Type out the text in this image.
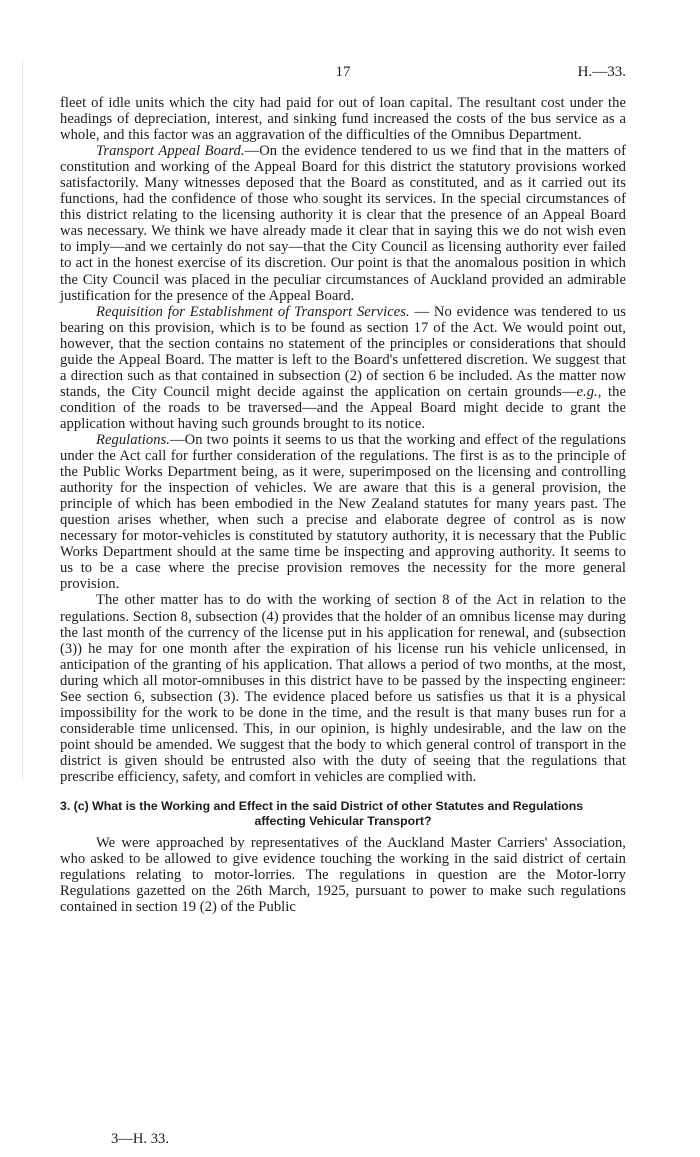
17	H.—33.

fleet of idle units which the city had paid for out of loan capital. The resultant cost under the headings of depreciation, interest, and sinking fund increased the costs of the bus service as a whole, and this factor was an aggravation of the difficulties of the Omnibus Department.

Transport Appeal Board.—On the evidence tendered to us we find that in the matters of constitution and working of the Appeal Board for this district the statutory provisions worked satisfactorily. Many witnesses deposed that the Board as constituted, and as it carried out its functions, had the confidence of those who sought its services. In the special circumstances of this district relating to the licensing authority it is clear that the presence of an Appeal Board was necessary. We think we have already made it clear that in saying this we do not wish even to imply—and we certainly do not say—that the City Council as licensing authority ever failed to act in the honest exercise of its discretion. Our point is that the anomalous position in which the City Council was placed in the peculiar circumstances of Auckland provided an admirable justification for the presence of the Appeal Board.

Requisition for Establishment of Transport Services. — No evidence was tendered to us bearing on this provision, which is to be found as section 17 of the Act. We would point out, however, that the section contains no statement of the principles or considerations that should guide the Appeal Board. The matter is left to the Board's unfettered discretion. We suggest that a direction such as that contained in subsection (2) of section 6 be included. As the matter now stands, the City Council might decide against the application on certain grounds—e.g., the condition of the roads to be traversed—and the Appeal Board might decide to grant the application without having such grounds brought to its notice.

Regulations.—On two points it seems to us that the working and effect of the regulations under the Act call for further consideration of the regulations. The first is as to the principle of the Public Works Department being, as it were, superimposed on the licensing and controlling authority for the inspection of vehicles. We are aware that this is a general provision, the principle of which has been embodied in the New Zealand statutes for many years past. The question arises whether, when such a precise and elaborate degree of control as is now necessary for motor-vehicles is constituted by statutory authority, it is necessary that the Public Works Department should at the same time be inspecting and approving authority. It seems to us to be a case where the precise provision removes the necessity for the more general provision.

The other matter has to do with the working of section 8 of the Act in relation to the regulations. Section 8, subsection (4) provides that the holder of an omnibus license may during the last month of the currency of the license put in his application for renewal, and (subsection (3)) he may for one month after the expiration of his license run his vehicle unlicensed, in anticipation of the granting of his application. That allows a period of two months, at the most, during which all motor-omnibuses in this district have to be passed by the inspecting engineer: See section 6, subsection (3). The evidence placed before us satisfies us that it is a physical impossibility for the work to be done in the time, and the result is that many buses run for a considerable time unlicensed. This, in our opinion, is highly undesirable, and the law on the point should be amended. We suggest that the body to which general control of transport in the district is given should be entrusted also with the duty of seeing that the regulations that prescribe efficiency, safety, and comfort in vehicles are complied with.

3. (c) What is the Working and Effect in the said District of other Statutes and Regulations
affecting Vehicular Transport?

We were approached by representatives of the Auckland Master Carriers' Association, who asked to be allowed to give evidence touching the working in the said district of certain regulations relating to motor-lorries. The regulations in question are the Motor-lorry Regulations gazetted on the 26th March, 1925, pursuant to power to make such regulations contained in section 19 (2) of the Public

3—H. 33.
